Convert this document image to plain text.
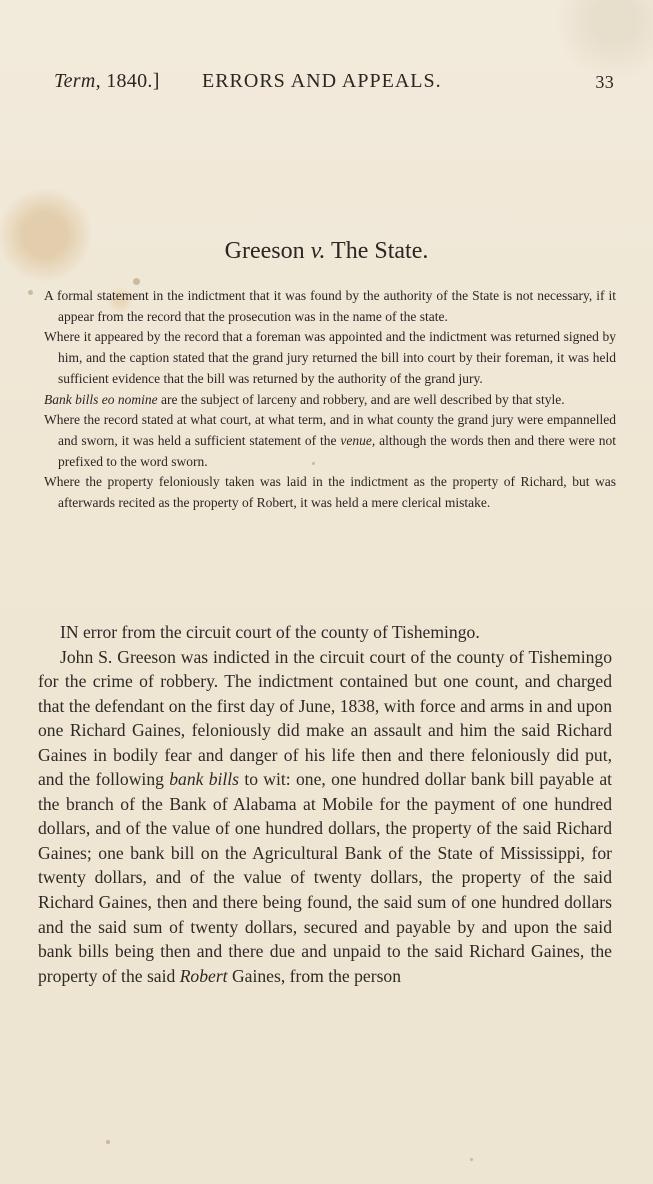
Term, 1840.] ERRORS AND APPEALS.	33
Greeson v. The State.

A formal statement in the indictment that it was found by the authority of the State is not necessary, if it appear from the record that the prosecution was in the name of the state.

Where it appeared by the record that a foreman was appointed and the indictment was returned signed by him, and the caption stated that the grand jury returned the bill into court by their foreman, it was held sufficient evidence that the bill was returned by the authority of the grand jury.

Bank bills eo nomine are the subject of larceny and robbery, and are well described by that style.

Where the record stated at what court, at what term, and in what county the grand jury were empannelled and sworn, it was held a sufficient statement of the venue, although the words then and there were not prefixed to the word sworn.

Where the property feloniously taken was laid in the indictment as the property of Richard, but was afterwards recited as the property of Robert, it was held a mere clerical mistake.

IN error from the circuit court of the county of Tishemingo.

John S. Greeson was indicted in the circuit court of the county of Tishemingo for the crime of robbery. The indictment contained but one count, and charged that the defendant on the first day of June, 1838, with force and arms in and upon one Richard Gaines, feloniously did make an assault and him the said Richard Gaines in bodily fear and danger of his life then and there feloniously did put, and the following bank bills to wit: one, one hundred dollar bank bill payable at the branch of the Bank of Alabama at Mobile for the payment of one hundred dollars, and of the value of one hundred dollars, the property of the said Richard Gaines; one bank bill on the Agricultural Bank of the State of Mississippi, for twenty dollars, and of the value of twenty dollars, the property of the said Richard Gaines, then and there being found, the said sum of one hundred dollars and the said sum of twenty dollars, secured and payable by and upon the said bank bills being then and there due and unpaid to the said Richard Gaines, the property of the said Robert Gaines, from the person
